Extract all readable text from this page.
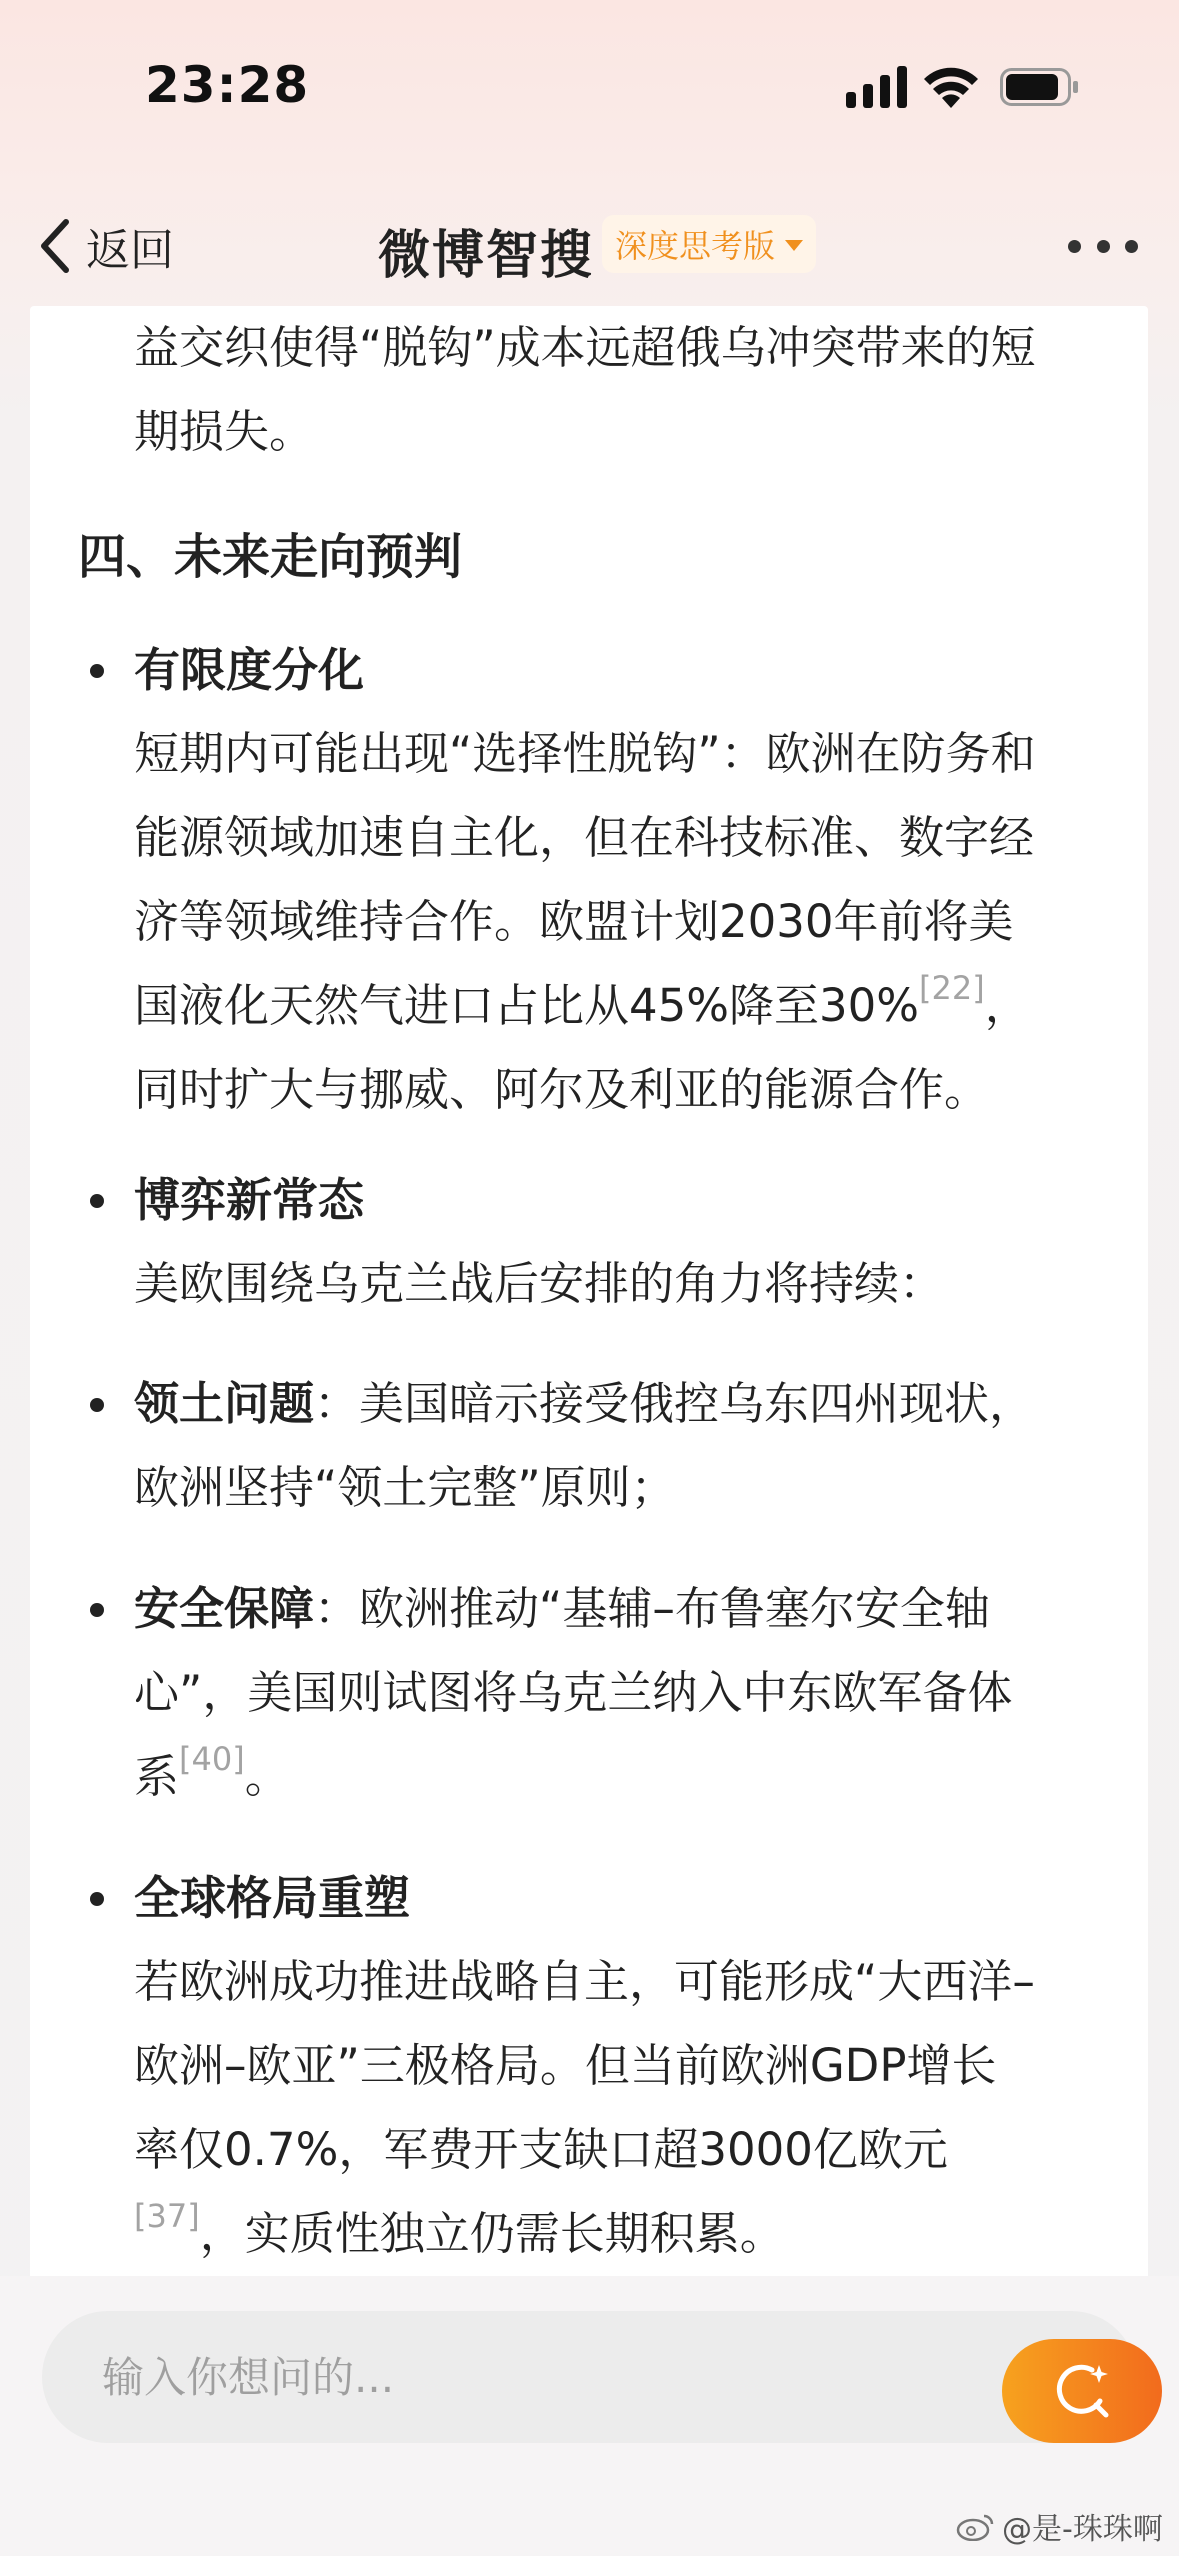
23:28
返回	微博智搜 深度思考版

益交织使得“脱钩”成本远超俄乌冲突带来的短

期损失。

四、未来走向预判

有限度分化

短期内可能出现“选择性脱钩”：欧洲在防务和

能源领域加速自主化，但在科技标准、数字经

济等领域维持合作。欧盟计划2030年前将美

国液化天然气进口占比从45%降至30%[22]，

同时扩大与挪威、阿尔及利亚的能源合作。

博弈新常态

美欧围绕乌克兰战后安排的角力将持续：

领土问题：美国暗示接受俄控乌东四州现状，

欧洲坚持“领土完整”原则；

安全保障：欧洲推动“基辅–布鲁塞尔安全轴

心”，美国则试图将乌克兰纳入中东欧军备体

系[40]。

全球格局重塑

若欧洲成功推进战略自主，可能形成“大西洋–

欧洲–欧亚”三极格局。但当前欧洲GDP增长

率仅0.7%，军费开支缺口超3000亿欧元

[37]，实质性独立仍需长期积累。

输入你想问的...
@是-珠珠啊
